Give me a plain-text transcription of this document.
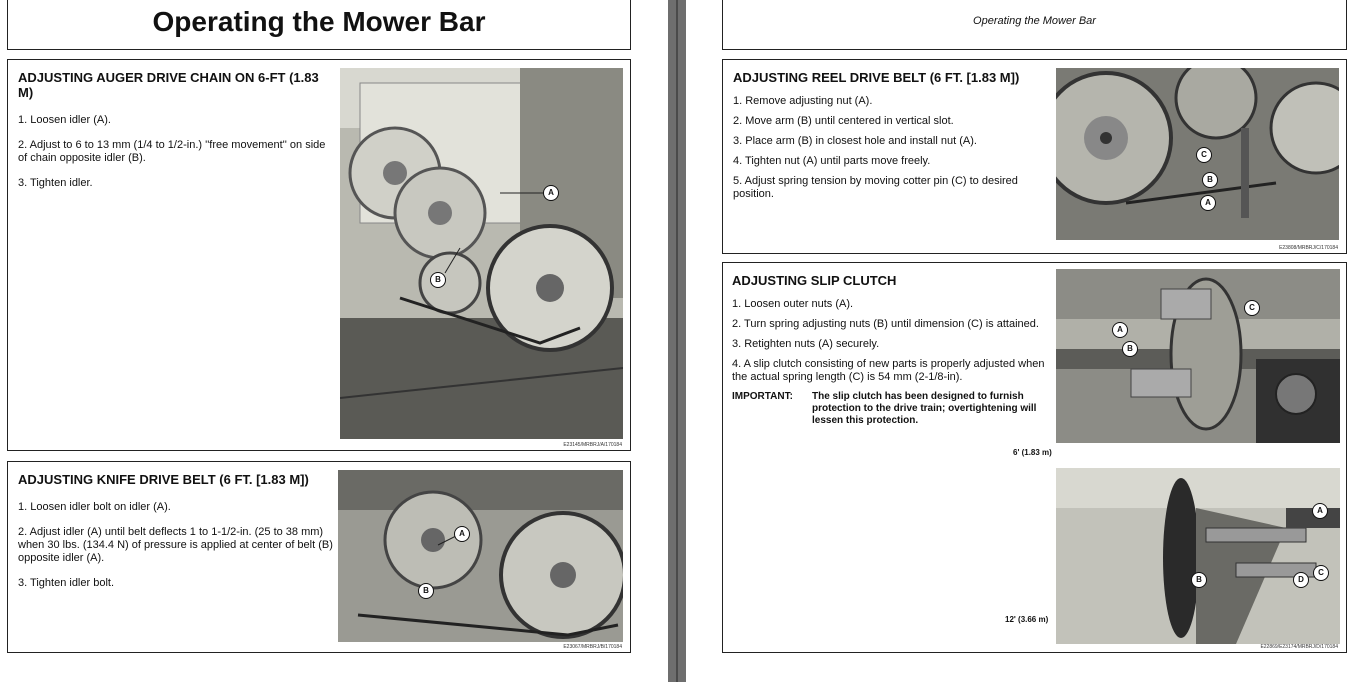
Operating the Mower Bar
ADJUSTING AUGER DRIVE CHAIN ON 6-FT (1.83 M)

1. Loosen idler (A).

2. Adjust to 6 to 13 mm (1/4 to 1/2-in.) ''free movement'' on side of chain opposite idler (B).

3. Tighten idler.

A
B
E23145/MRBRJ/A/170184
ADJUSTING KNIFE DRIVE BELT (6 FT. [1.83 M])

1. Loosen idler bolt on idler (A).

2. Adjust idler (A) until belt deflects 1 to 1-1/2-in. (25 to 38 mm) when 30 lbs. (134.4 N) of pressure is applied at center of belt (B) opposite idler (A).

3. Tighten idler bolt.

A
B
E23067/MRBRJ/B/170184
Operating the Mower Bar
ADJUSTING REEL DRIVE BELT (6 FT. [1.83 M])

1. Remove adjusting nut (A).

2. Move arm (B) until centered in vertical slot.

3. Place arm (B) in closest hole and install nut (A).

4. Tighten nut (A) until parts move freely.

5. Adjust spring tension by moving cotter pin (C) to desired position.

C
B
A
E23808/MRBRJ/C/170184
ADJUSTING SLIP CLUTCH

1. Loosen outer nuts (A).

2. Turn spring adjusting nuts (B) until dimension (C) is attained.

3. Retighten nuts (A) securely.

4. A slip clutch consisting of new parts is properly adjusted when the actual spring length (C) is 54 mm (2-1/8-in).

IMPORTANT:	The slip clutch has been designed to furnish protection to the drive train; overtightening will lessen this protection.
6' (1.83 m)
12' (3.66 m)
C
A
B
A
B
C
D
E22869/E23174/MRBRJ/D/170184
